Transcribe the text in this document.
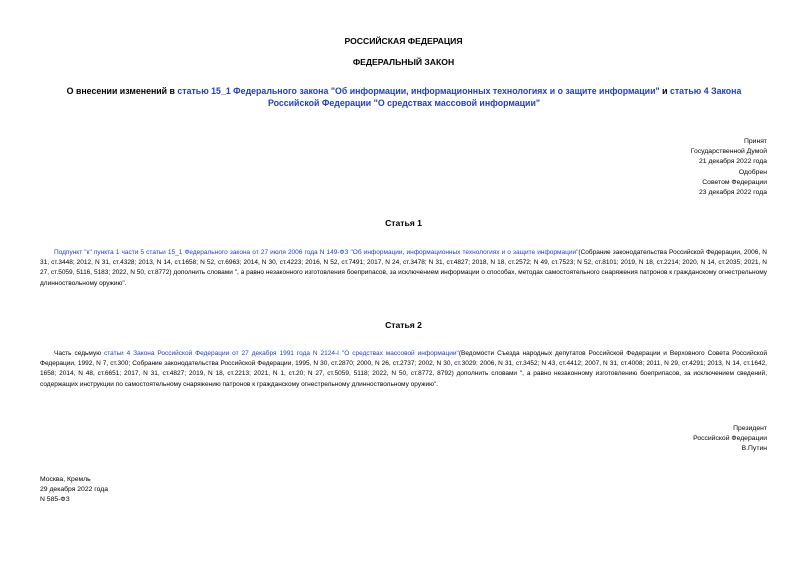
РОССИЙСКАЯ ФЕДЕРАЦИЯ
ФЕДЕРАЛЬНЫЙ ЗАКОН
О внесении изменений в статью 15_1 Федерального закона "Об информации, информационных технологиях и о защите информации" и статью 4 Закона Российской Федерации "О средствах массовой информации"
Принят
Государственной Думой
21 декабря 2022 года
Одобрен
Советом Федерации
23 декабря 2022 года
Статья 1
Подпункт "к" пункта 1 части 5 статьи 15_1 Федерального закона от 27 июля 2006 года N 149-ФЗ "Об информации, информационных технологиях и о защите информации"(Собрание законодательства Российской Федерации, 2006, N 31, ст.3448; 2012, N 31, ст.4328; 2013, N 14, ст.1658; N 52, ст.6963; 2014, N 30, ст.4223; 2016, N 52, ст.7491; 2017, N 24, ст.3478; N 31, ст.4827; 2018, N 18, ст.2572; N 49, ст.7523; N 52, ст.8101; 2019, N 18, ст.2214; 2020, N 14, ст.2035; 2021, N 27, ст.5059, 5116, 5183; 2022, N 50, ст.8772) дополнить словами ", а равно незаконного изготовления боеприпасов, за исключением информации о способах, методах самостоятельного снаряжения патронов к гражданскому огнестрельному длинноствольному оружию".
Статья 2
Часть седьмую статьи 4 Закона Российской Федерации от 27 декабря 1991 года N 2124-I "О средствах массовой информации"(Ведомости Съезда народных депутатов Российской Федерации и Верховного Совета Российской Федерации, 1992, N 7, ст.300; Собрание законодательства Российской Федерации, 1995, N 30, ст.2870; 2000, N 26, ст.2737; 2002, N 30, ст.3029; 2006, N 31, ст.3452; N 43, ст.4412; 2007, N 31, ст.4008; 2011, N 29, ст.4291; 2013, N 14, ст.1642, 1658; 2014, N 48, ст.6651; 2017, N 31, ст.4827; 2019, N 18, ст.2213; 2021, N 1, ст.20; N 27, ст.5059, 5118; 2022, N 50, ст.8772, 8792) дополнить словами ", а равно незаконному изготовлению боеприпасов, за исключением сведений, содержащих инструкции по самостоятельному снаряжению патронов к гражданскому огнестрельному длинноствольному оружию".
Президент
Российской Федерации
В.Путин
Москва, Кремль
29 декабря 2022 года
N 585-ФЗ
